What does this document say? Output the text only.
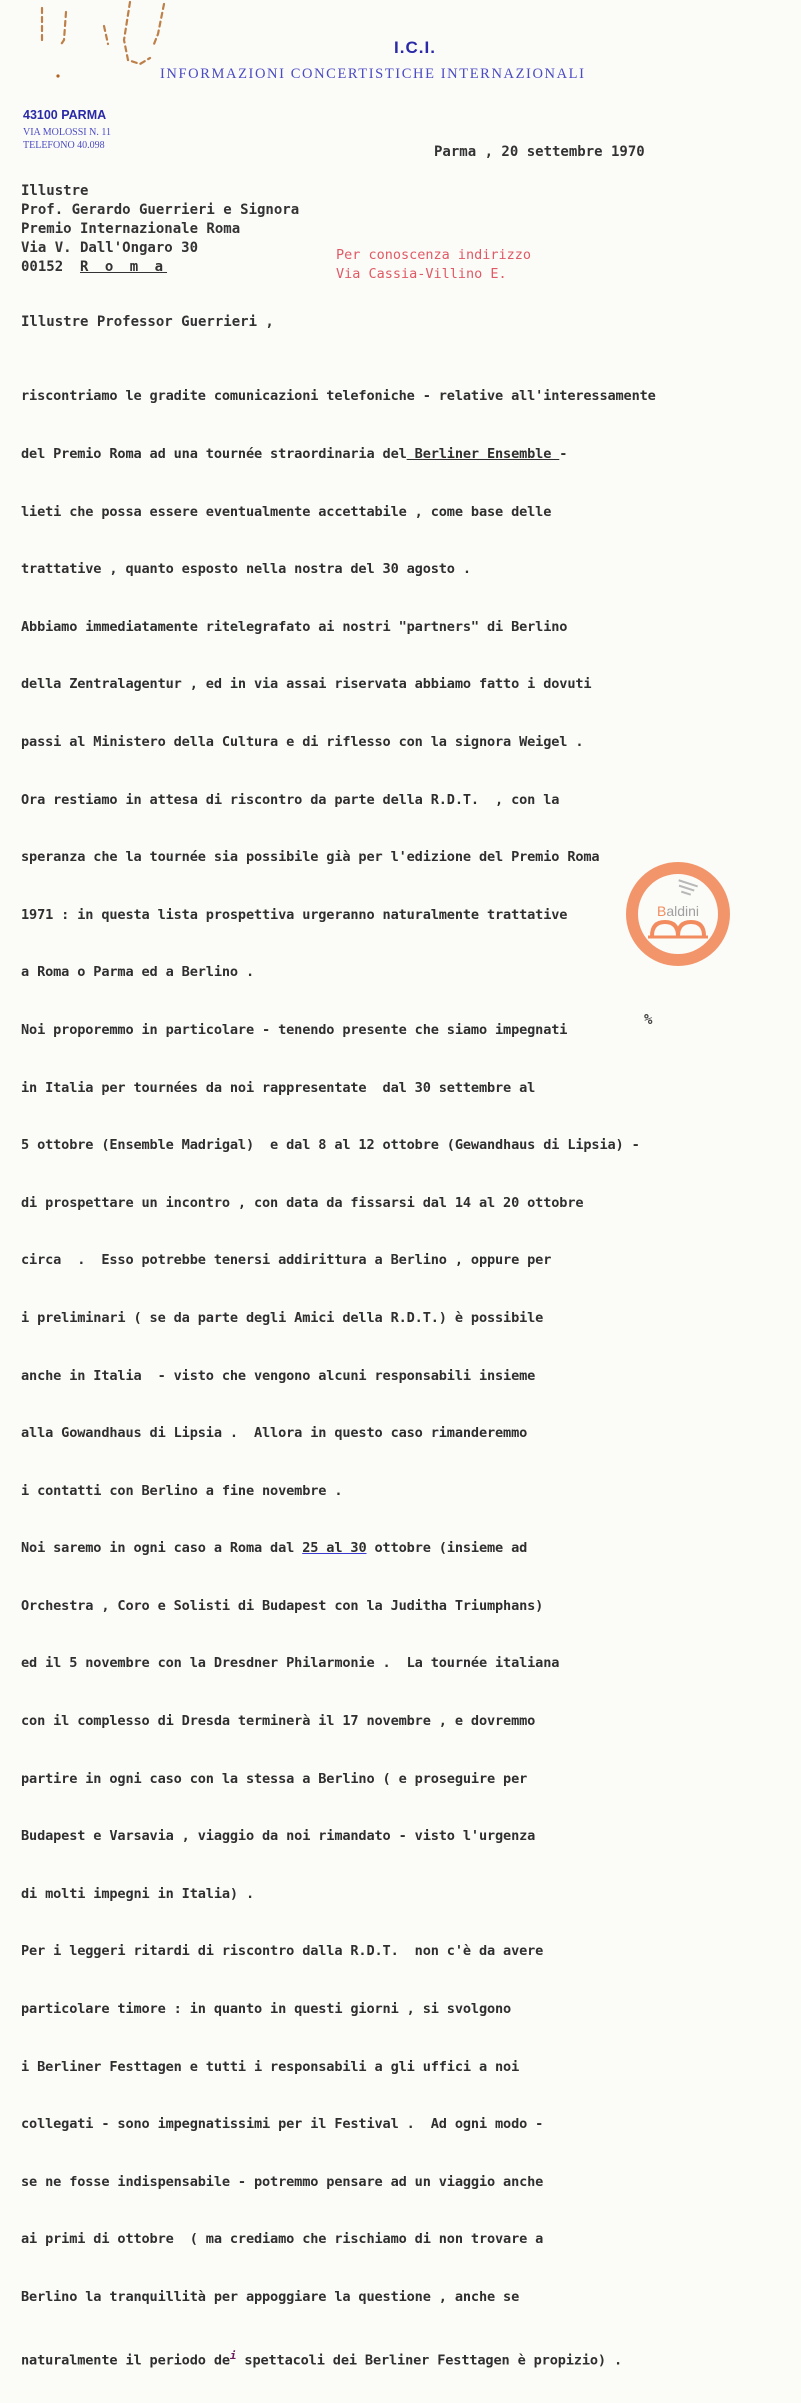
I.C.I.
INFORMAZIONI CONCERTISTICHE INTERNAZIONALI
43100 PARMA
VIA MOLOSSI N. 11
TELEFONO 40.098	Parma , 20 settembre 1970
Illustre
Prof. Gerardo Guerrieri e Signora
Premio Internazionale Roma
Via V. Dall'Ongaro 30
00152 R o m a
Per conoscenza indirizzo
Via Cassia-Villino E.
Illustre Professor Guerrieri ,

riscontriamo le gradite comunicazioni telefoniche - relative all'interessamente

del Premio Roma ad una tournée straordinaria del Berliner Ensemble -

lieti che possa essere eventualmente accettabile , come base delle

trattative , quanto esposto nella nostra del 30 agosto .

Abbiamo immediatamente ritelegrafato ai nostri "partners" di Berlino

della Zentralagentur , ed in via assai riservata abbiamo fatto i dovuti

passi al Ministero della Cultura e di riflesso con la signora Weigel .

Ora restiamo in attesa di riscontro da parte della R.D.T.  , con la

speranza che la tournée sia possibile già per l'edizione del Premio Roma

1971 : in questa lista prospettiva urgeranno naturalmente trattative

a Roma o Parma ed a Berlino .

Noi proporemmo in particolare - tenendo presente che siamo impegnati

in Italia per tournées da noi rappresentate  dal 30 settembre al

5 ottobre (Ensemble Madrigal)  e dal 8 al 12 ottobre (Gewandhaus di Lipsia) -

di prospettare un incontro , con data da fissarsi dal 14 al 20 ottobre

circa  .  Esso potrebbe tenersi addirittura a Berlino , oppure per

i preliminari ( se da parte degli Amici della R.D.T.) è possibile

anche in Italia  - visto che vengono alcuni responsabili insieme

alla Gowandhaus di Lipsia .  Allora in questo caso rimanderemmo

i contatti con Berlino a fine novembre .

Noi saremo in ogni caso a Roma dal 25 al 30 ottobre (insieme ad

Orchestra , Coro e Solisti di Budapest con la Juditha Triumphans)

ed il 5 novembre con la Dresdner Philarmonie .  La tournée italiana

con il complesso di Dresda terminerà il 17 novembre , e dovremmo

partire in ogni caso con la stessa a Berlino ( e proseguire per

Budapest e Varsavia , viaggio da noi rimandato - visto l'urgenza

di molti impegni in Italia) .

Per i leggeri ritardi di riscontro dalla R.D.T.  non c'è da avere

particolare timore : in quanto in questi giorni , si svolgono

i Berliner Festtagen e tutti i responsabili a gli uffici a noi

collegati - sono impegnatissimi per il Festival .  Ad ogni modo -

se ne fosse indispensabile - potremmo pensare ad un viaggio anche

ai primi di ottobre  ( ma crediamo che rischiamo di non trovare a

Berlino la tranquillità per appoggiare la questione , anche se

naturalmente il periodo $de^i$ spettacoli dei Berliner Festtagen è propizio) .

Baldini
%
